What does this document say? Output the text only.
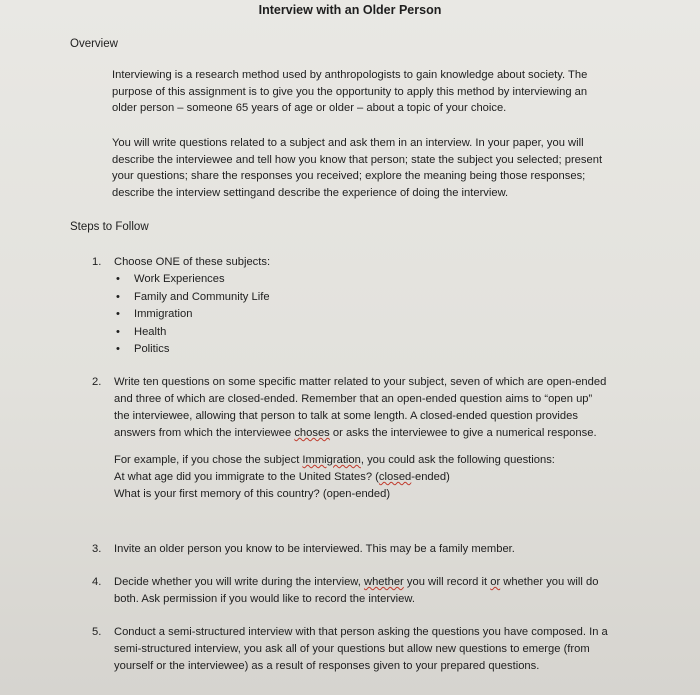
Interview with an Older Person
Overview
Interviewing is a research method used by anthropologists to gain knowledge about society. The purpose of this assignment is to give you the opportunity to apply this method by interviewing an older person – someone 65 years of age or older – about a topic of your choice.
You will write questions related to a subject and ask them in an interview. In your paper, you will describe the interviewee and tell how you know that person; state the subject you selected; present your questions; share the responses you received; explore the meaning being those responses; describe the interview settingand describe the experience of doing the interview.
Steps to Follow
1.	Choose ONE of these subjects:
• Work Experiences
• Family and Community Life
• Immigration
• Health
• Politics
2.	Write ten questions on some specific matter related to your subject, seven of which are open-ended and three of which are closed-ended. Remember that an open-ended question aims to “open up” the interviewee, allowing that person to talk at some length. A closed-ended question provides answers from which the interviewee choses or asks the interviewee to give a numerical response.
For example, if you chose the subject Immigration, you could ask the following questions:
At what age did you immigrate to the United States? (closed-ended)
What is your first memory of this country? (open-ended)
3.	Invite an older person you know to be interviewed. This may be a family member.
4.	Decide whether you will write during the interview, whether you will record it or whether you will do both. Ask permission if you would like to record the interview.
5.	Conduct a semi-structured interview with that person asking the questions you have composed. In a semi-structured interview, you ask all of your questions but allow new questions to emerge (from yourself or the interviewee) as a result of responses given to your prepared questions.
